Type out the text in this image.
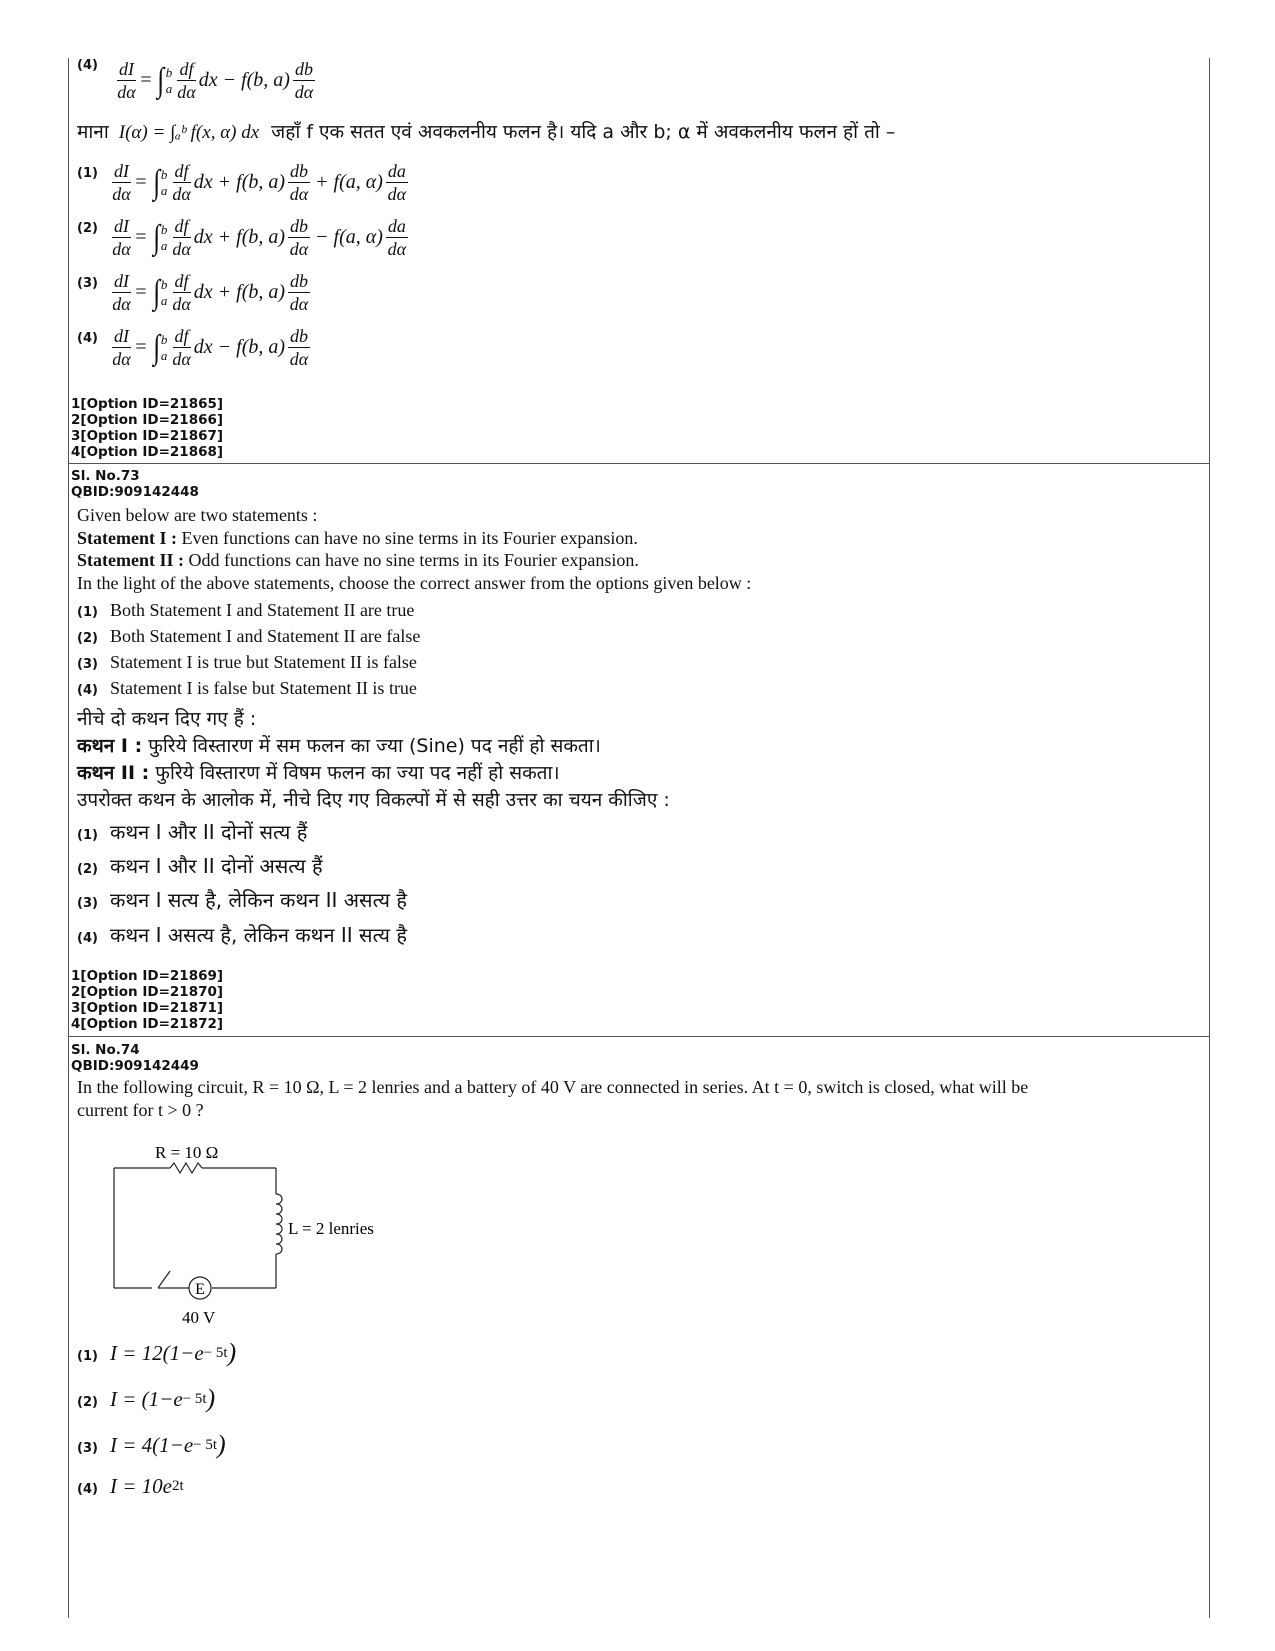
$^{(4)} \frac{dI}{d\alpha}$ = ∫ b
a $\frac{df}{d\alpha}$ dx − f(b, $a) \frac{db}{d\alpha}$
माना I(α) = ∫ₐᵇ f(x, α) dx जहाँ f एक सतत एवं अवकलनीय फलन है। यदि a और b; α में अवकलनीय फलन हों तो –
$(1) \frac{dI}{d\alpha}$ = ∫ b
a $\frac{df}{d\alpha}$ dx + f(b, $a) \frac{db}{d\alpha} + f(a$, $\alpha) \frac{da}{d\alpha}$
$(2) \frac{dI}{d\alpha}$ = ∫ b
a $\frac{df}{d\alpha}$ dx + f(b, $a) \frac{db}{d\alpha} - f(a$, $\alpha) \frac{da}{d\alpha}$
$(3) \frac{dI}{d\alpha}$ = ∫ b
a $\frac{df}{d\alpha}$ dx + f(b, $a) \frac{db}{d\alpha}$
$(4) \frac{dI}{d\alpha}$ = ∫ b
a $\frac{df}{d\alpha}$ dx − f(b, $a) \frac{db}{d\alpha}$
1[Option ID=21865]
2[Option ID=21866]
3[Option ID=21867]
4[Option ID=21868]
Sl. No.73
QBID:909142448
Given below are two statements :
Statement I : Even functions can have no sine terms in its Fourier expansion.
Statement II : Odd functions can have no sine terms in its Fourier expansion.
In the light of the above statements, choose the correct answer from the options given below :
(1) Both Statement I and Statement II are true
(2) Both Statement I and Statement II are false
(3) Statement I is true but Statement II is false
(4) Statement I is false but Statement II is true
नीचे दो कथन दिए गए हैं :
कथन I : फुरिये विस्तारण में सम फलन का ज्या (Sine) पद नहीं हो सकता।
कथन II : फुरिये विस्तारण में विषम फलन का ज्या पद नहीं हो सकता।
उपरोक्त कथन के आलोक में, नीचे दिए गए विकल्पों में से सही उत्तर का चयन कीजिए :
(1) कथन I और II दोनों सत्य हैं
(2) कथन I और II दोनों असत्य हैं
(3) कथन I सत्य है, लेकिन कथन II असत्य है
(4) कथन I असत्य है, लेकिन कथन II सत्य है
1[Option ID=21869]
2[Option ID=21870]
3[Option ID=21871]
4[Option ID=21872]
Sl. No.74
QBID:909142449
In the following circuit, R = 10 Ω, L = 2 lenries and a battery of 40 V are connected in series. At t = 0, switch is closed, what will be
current for t > 0 ?
R = 10 Ω
L = 2 lenries
E
40 V
(1) I = 12(1−e − 5t )
(2) I = (1−e − 5t )
(3) I = 4(1−e − 5t )
(4) I = 10e 2t
